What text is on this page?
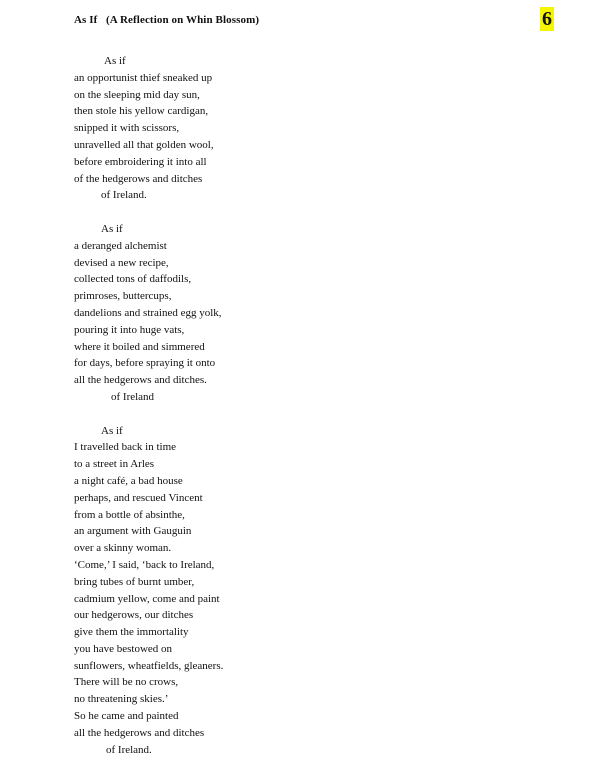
As If   (A Reflection on Whin Blossom)	6
As if
an opportunist thief sneaked up
on the sleeping mid day sun,
then stole his yellow cardigan,
snipped it with scissors,
unravelled all that golden wool,
before embroidering it into all
of the hedgerows and ditches
of Ireland.
As if
a deranged alchemist
devised a new recipe,
collected tons of daffodils,
primroses, buttercups,
dandelions and strained egg yolk,
pouring it into huge vats,
where it boiled and simmered
for days, before spraying it onto
all the hedgerows and ditches.
of Ireland
As if
I travelled back in time
to a street in Arles
a night café, a bad house
perhaps, and rescued Vincent
from a bottle of absinthe,
an argument with Gauguin
over a skinny woman.
‘Come,’ I said, ‘back to Ireland,
bring tubes of burnt umber,
cadmium yellow, come and paint
our hedgerows, our ditches
give them the immortality
you have bestowed on
sunflowers, wheatfields, gleaners.
There will be no crows,
no threatening skies.’
So he came and painted
all the hedgerows and ditches
of Ireland.
